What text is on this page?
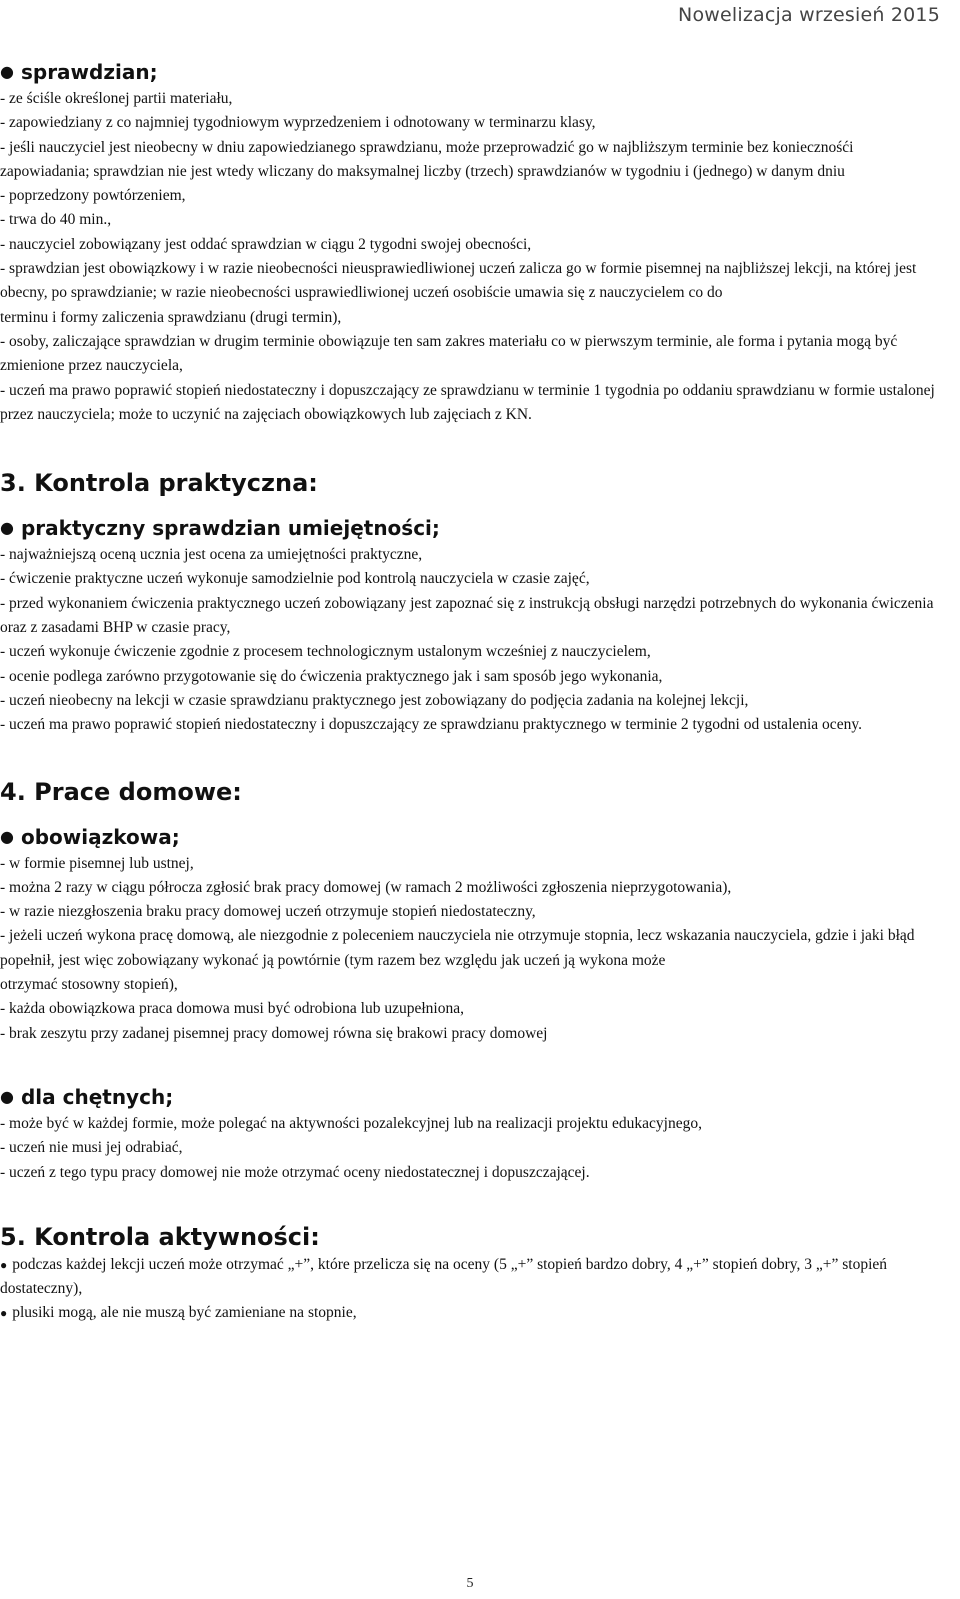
Nowelizacja wrzesień 2015
● sprawdzian;

- ze ściśle określonej partii materiału,

- zapowiedziany z co najmniej tygodniowym wyprzedzeniem i odnotowany w terminarzu klasy,

- jeśli nauczyciel jest nieobecny w dniu zapowiedzianego sprawdzianu, może przeprowadzić go w najbliższym terminie bez koniecznośći zapowiadania; sprawdzian nie jest wtedy wliczany do maksymalnej liczby (trzech) sprawdzianów w tygodniu i (jednego) w danym dniu

- poprzedzony powtórzeniem,

- trwa do 40 min.,

- nauczyciel zobowiązany jest oddać sprawdzian w ciągu 2 tygodni swojej obecności,

- sprawdzian jest obowiązkowy i w razie nieobecności nieusprawiedliwionej uczeń zalicza go w formie pisemnej na najbliższej lekcji, na której jest obecny, po sprawdzianie; w razie nieobecności usprawiedliwionej uczeń osobiście umawia się z nauczycielem co do

terminu i formy zaliczenia sprawdzianu (drugi termin),

- osoby, zaliczające sprawdzian w drugim terminie obowiązuje ten sam zakres materiału co w pierwszym terminie, ale forma i pytania mogą być zmienione przez nauczyciela,

- uczeń ma prawo poprawić stopień niedostateczny i dopuszczający ze sprawdzianu w terminie 1 tygodnia po oddaniu sprawdzianu w formie ustalonej przez nauczyciela; może to uczynić na zajęciach obowiązkowych lub zajęciach z KN.

3. Kontrola praktyczna:
● praktyczny sprawdzian umiejętności;

- najważniejszą oceną ucznia jest ocena za umiejętności praktyczne,

- ćwiczenie praktyczne uczeń wykonuje samodzielnie pod kontrolą nauczyciela w czasie zajęć,

- przed wykonaniem ćwiczenia praktycznego uczeń zobowiązany jest zapoznać się z instrukcją obsługi narzędzi potrzebnych do wykonania ćwiczenia oraz z zasadami BHP w czasie pracy,

- uczeń wykonuje ćwiczenie zgodnie z procesem technologicznym ustalonym wcześniej z nauczycielem,

- ocenie podlega zarówno przygotowanie się do ćwiczenia praktycznego jak i sam sposób jego wykonania,

- uczeń nieobecny na lekcji w czasie sprawdzianu praktycznego jest zobowiązany do podjęcia zadania na kolejnej lekcji,

- uczeń ma prawo poprawić stopień niedostateczny i dopuszczający ze sprawdzianu praktycznego w terminie 2 tygodni od ustalenia oceny.

4. Prace domowe:
● obowiązkowa;

- w formie pisemnej lub ustnej,

- można 2 razy w ciągu półrocza zgłosić brak pracy domowej (w ramach 2 możliwości zgłoszenia nieprzygotowania),

- w razie niezgłoszenia braku pracy domowej uczeń otrzymuje stopień niedostateczny,

- jeżeli uczeń wykona pracę domową, ale niezgodnie z poleceniem nauczyciela nie otrzymuje stopnia, lecz wskazania nauczyciela, gdzie i jaki błąd popełnił, jest więc zobowiązany wykonać ją powtórnie (tym razem bez względu jak uczeń ją wykona może

otrzymać stosowny stopień),

- każda obowiązkowa praca domowa musi być odrobiona lub uzupełniona,

- brak zeszytu przy zadanej pisemnej pracy domowej równa się brakowi pracy domowej

● dla chętnych;

- może być w każdej formie, może polegać na aktywności pozalekcyjnej lub na realizacji projektu edukacyjnego,

- uczeń nie musi jej odrabiać,

- uczeń z tego typu pracy domowej nie może otrzymać oceny niedostatecznej i dopuszczającej.

5. Kontrola aktywności:

● podczas każdej lekcji uczeń może otrzymać „+”, które przelicza się na oceny (5 „+” stopień bardzo dobry, 4 „+” stopień dobry, 3 „+” stopień dostateczny),

● plusiki mogą, ale nie muszą być zamieniane na stopnie,

5
